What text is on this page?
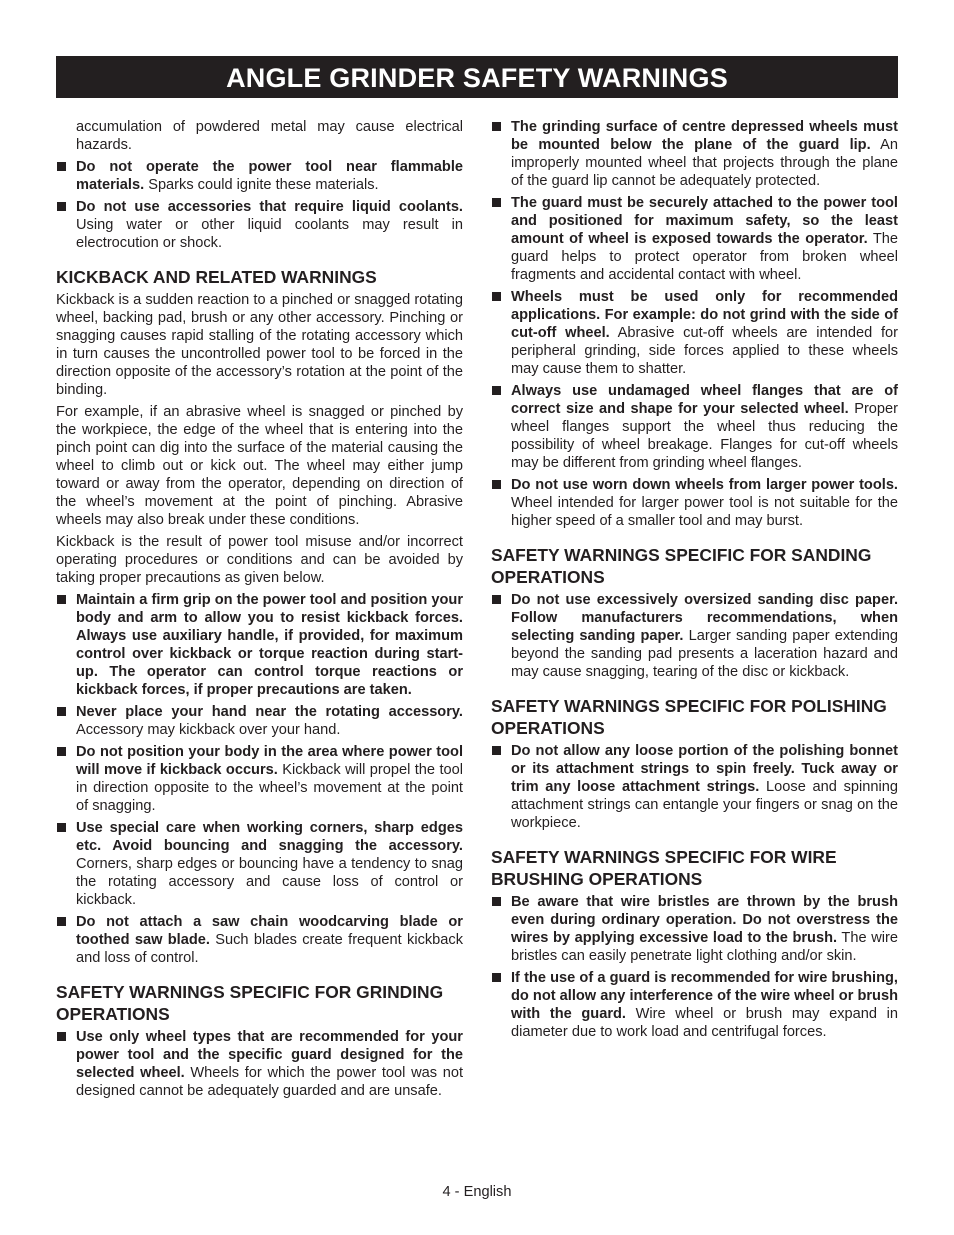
ANGLE GRINDER SAFETY WARNINGS

accumulation of powdered metal may cause electrical hazards.

Do not operate the power tool near flammable materials. Sparks could ignite these materials.
Do not use accessories that require liquid coolants. Using water or other liquid coolants may result in electrocution or shock.
KICKBACK AND RELATED WARNINGS

Kickback is a sudden reaction to a pinched or snagged rotating wheel, backing pad, brush or any other accessory. Pinching or snagging causes rapid stalling of the rotating accessory which in turn causes the uncontrolled power tool to be forced in the direction opposite of the accessory’s rotation at the point of the binding.

For example, if an abrasive wheel is snagged or pinched by the workpiece, the edge of the wheel that is entering into the pinch point can dig into the surface of the material causing the wheel to climb out or kick out. The wheel may either jump toward or away from the operator, depending on direction of the wheel’s movement at the point of pinching. Abrasive wheels may also break under these conditions.

Kickback is the result of power tool misuse and/or incorrect operating procedures or conditions and can be avoided by taking proper precautions as given below.

Maintain a firm grip on the power tool and position your body and arm to allow you to resist kickback forces. Always use auxiliary handle, if provided, for maximum control over kickback or torque reaction during start-up. The operator can control torque reactions or kickback forces, if proper precautions are taken.
Never place your hand near the rotating accessory. Accessory may kickback over your hand.
Do not position your body in the area where power tool will move if kickback occurs. Kickback will propel the tool in direction opposite to the wheel’s movement at the point of snagging.
Use special care when working corners, sharp edges etc. Avoid bouncing and snagging the accessory. Corners, sharp edges or bouncing have a tendency to snag the rotating accessory and cause loss of control or kickback.
Do not attach a saw chain woodcarving blade or toothed saw blade. Such blades create frequent kickback and loss of control.
SAFETY WARNINGS SPECIFIC FOR GRINDING OPERATIONS
Use only wheel types that are recommended for your power tool and the specific guard designed for the selected wheel. Wheels for which the power tool was not designed cannot be adequately guarded and are unsafe.
The grinding surface of centre depressed wheels must be mounted below the plane of the guard lip. An improperly mounted wheel that projects through the plane of the guard lip cannot be adequately protected.
The guard must be securely attached to the power tool and positioned for maximum safety, so the least amount of wheel is exposed towards the operator. The guard helps to protect operator from broken wheel fragments and accidental contact with wheel.
Wheels must be used only for recommended applications. For example: do not grind with the side of cut-off wheel. Abrasive cut-off wheels are intended for peripheral grinding, side forces applied to these wheels may cause them to shatter.
Always use undamaged wheel flanges that are of correct size and shape for your selected wheel. Proper wheel flanges support the wheel thus reducing the possibility of wheel breakage. Flanges for cut-off wheels may be different from grinding wheel flanges.
Do not use worn down wheels from larger power tools. Wheel intended for larger power tool is not suitable for the higher speed of a smaller tool and may burst.
SAFETY WARNINGS SPECIFIC FOR SANDING OPERATIONS
Do not use excessively oversized sanding disc paper. Follow manufacturers recommendations, when selecting sanding paper. Larger sanding paper extending beyond the sanding pad presents a laceration hazard and may cause snagging, tearing of the disc or kickback.
SAFETY WARNINGS SPECIFIC FOR POLISHING OPERATIONS
Do not allow any loose portion of the polishing bonnet or its attachment strings to spin freely. Tuck away or trim any loose attachment strings. Loose and spinning attachment strings can entangle your fingers or snag on the workpiece.
SAFETY WARNINGS SPECIFIC FOR WIRE BRUSHING OPERATIONS
Be aware that wire bristles are thrown by the brush even during ordinary operation. Do not overstress the wires by applying excessive load to the brush. The wire bristles can easily penetrate light clothing and/or skin.
If the use of a guard is recommended for wire brushing, do not allow any interference of the wire wheel or brush with the guard. Wire wheel or brush may expand in diameter due to work load and centrifugal forces.
4 - English
